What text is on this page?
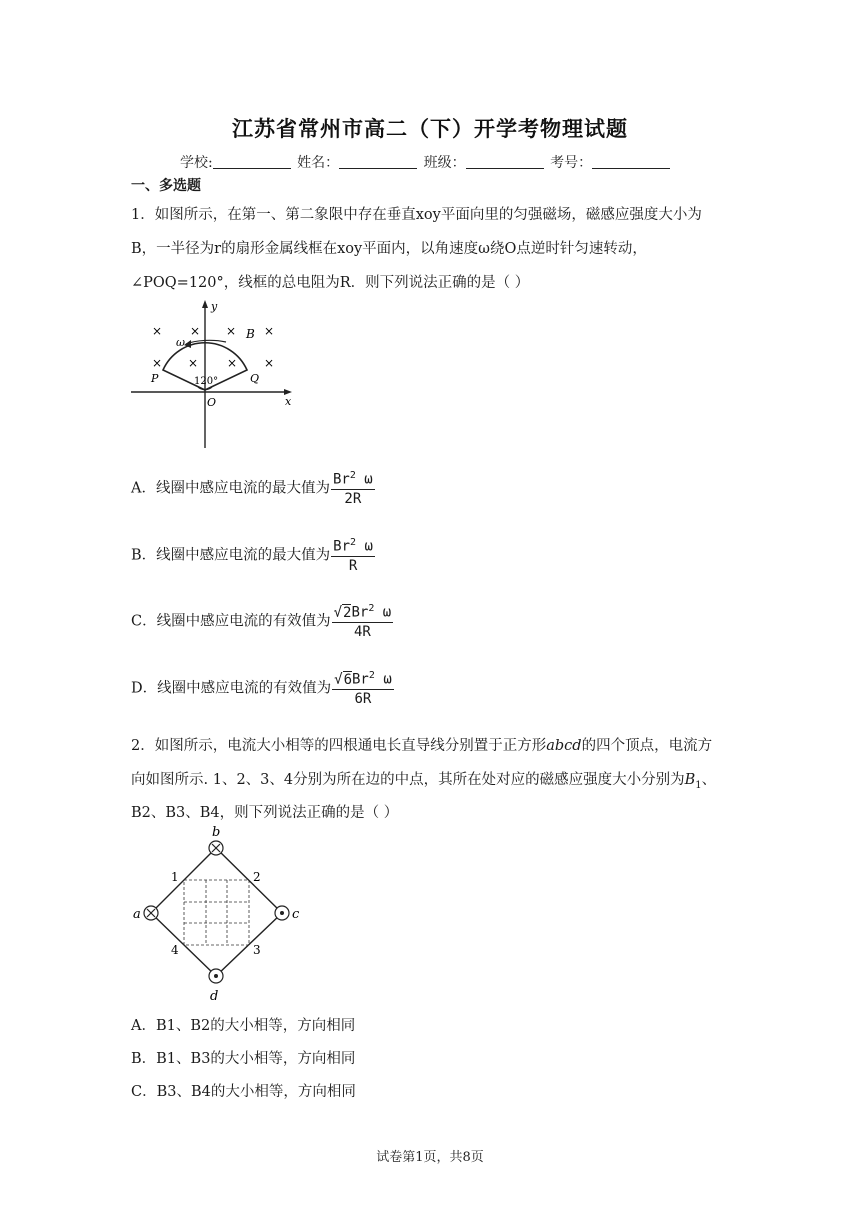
江苏省常州市高二（下）开学考物理试题
学校:	姓名：	班级：	考号：
一、多选题
1．如图所示，在第一、第二象限中存在垂直xoy平面向里的匀强磁场，磁感应强度大小为
B，一半径为r的扇形金属线框在xoy平面内，以角速度ω绕O点逆时针匀速转动，
∠POQ=120°，线框的总电阻为R．则下列说法正确的是（ ）
y
x
O
P	Q
120°
ω
B
× × × ×
× × × ×
A．线圈中感应电流的最大值为 $\frac{Br^2 \omega}{2R}$
B．线圈中感应电流的最大值为 $\frac{Br^2 \omega}{R}$
C．线圈中感应电流的有效值为 $\frac{√2Br^2 \omega}{4R}$
D．线圈中感应电流的有效值为 $\frac{√6Br^2 \omega}{6R}$
2．如图所示，电流大小相等的四根通电长直导线分别置于正方形abcd的四个顶点，电流方
向如图所示. 1、2、3、4分别为所在边的中点，其所在处对应的磁感应强度大小分别为$B_1$、
B2、B3、B4，则下列说法正确的是（ ）
b
a	c
d
1	2
3
4
A．B1、B2的大小相等，方向相同
B．B1、B3的大小相等，方向相同
C．B3、B4的大小相等，方向相同
试卷第1页，共8页
